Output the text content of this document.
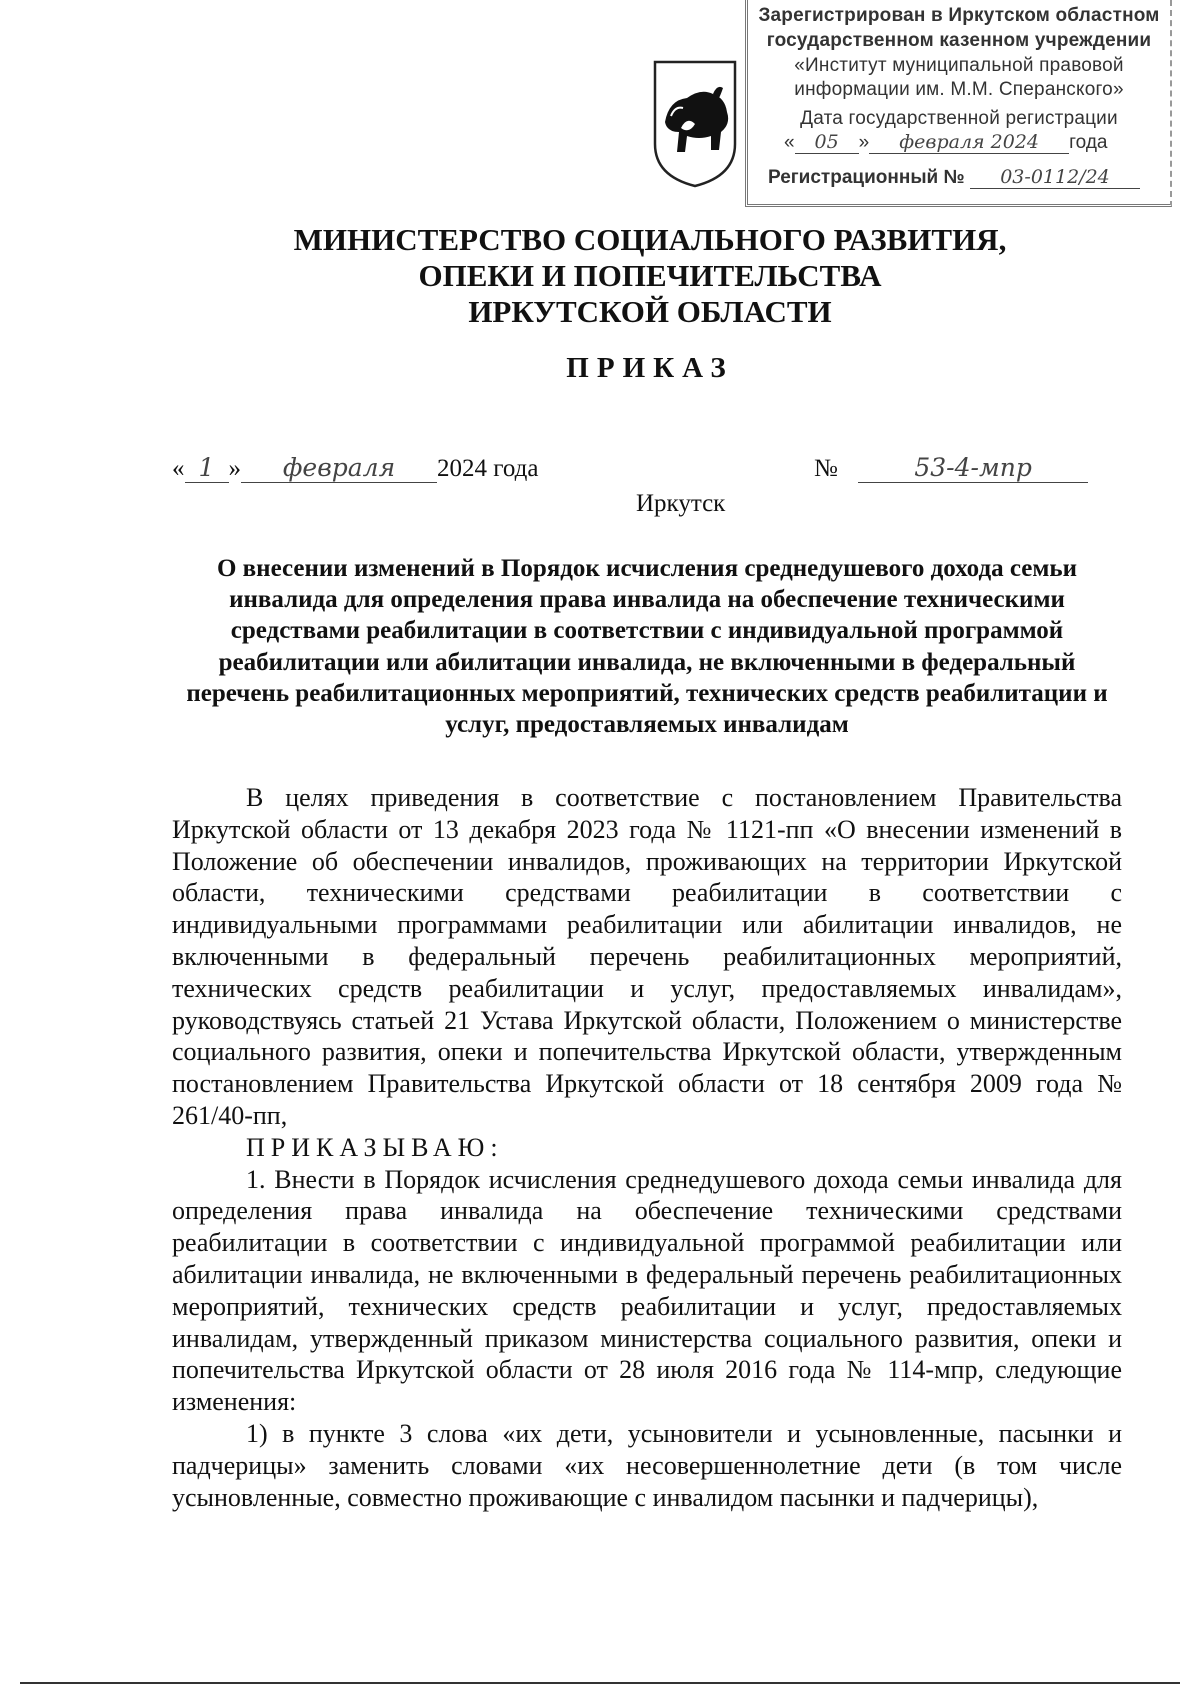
Зарегистрирован в Иркутском областном
государственном казенном учреждении
«Институт муниципальной правовой
информации им. М.М. Сперанского»
Дата государственной регистрации
« 05 » февраля 2024 года
Регистрационный № 03-0112/24
МИНИСТЕРСТВО СОЦИАЛЬНОГО РАЗВИТИЯ,
ОПЕКИ И ПОПЕЧИТЕЛЬСТВА
ИРКУТСКОЙ ОБЛАСТИ
ПРИКАЗ
« 1 » февраля 2024 года	№	53-4-мпр
Иркутск
О внесении изменений в Порядок исчисления среднедушевого дохода семьи инвалида для определения права инвалида на обеспечение техническими средствами реабилитации в соответствии с индивидуальной программой реабилитации или абилитации инвалида, не включенными в федеральный перечень реабилитационных мероприятий, технических средств реабилитации и услуг, предоставляемых инвалидам

В целях приведения в соответствие с постановлением Правительства Иркутской области от 13 декабря 2023 года № 1121-пп «О внесении изменений в Положение об обеспечении инвалидов, проживающих на территории Иркутской области, техническими средствами реабилитации в соответствии с индивидуальными программами реабилитации или абилитации инвалидов, не включенными в федеральный перечень реабилитационных мероприятий, технических средств реабилитации и услуг, предоставляемых инвалидам», руководствуясь статьей 21 Устава Иркутской области, Положением о министерстве социального развития, опеки и попечительства Иркутской области, утвержденным постановлением Правительства Иркутской области от 18 сентября 2009 года № 261/40-пп,

ПРИКАЗЫВАЮ:

1. Внести в Порядок исчисления среднедушевого дохода семьи инвалида для определения права инвалида на обеспечение техническими средствами реабилитации в соответствии с индивидуальной программой реабилитации или абилитации инвалида, не включенными в федеральный перечень реабилитационных мероприятий, технических средств реабилитации и услуг, предоставляемых инвалидам, утвержденный приказом министерства социального развития, опеки и попечительства Иркутской области от 28 июля 2016 года № 114-мпр, следующие изменения:

1) в пункте 3 слова «их дети, усыновители и усыновленные, пасынки и падчерицы» заменить словами «их несовершеннолетние дети (в том числе усыновленные, совместно проживающие с инвалидом пасынки и падчерицы),
